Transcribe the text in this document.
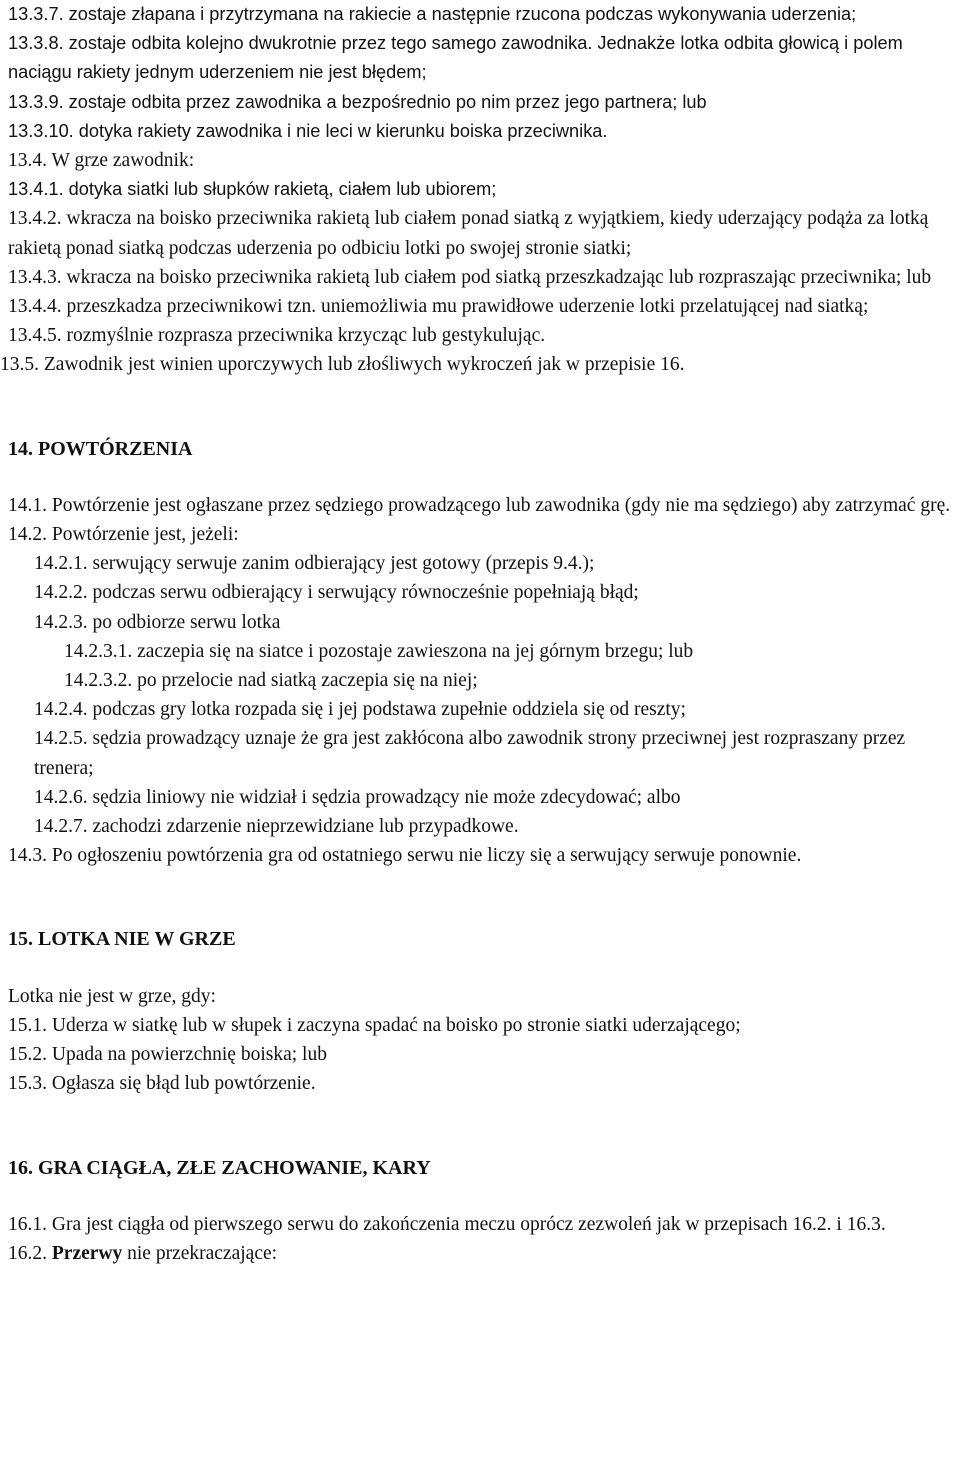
13.3.7. zostaje złapana i przytrzymana na rakiecie a następnie rzucona podczas wykonywania uderzenia;

13.3.8. zostaje odbita kolejno dwukrotnie przez tego samego zawodnika. Jednakże lotka odbita głowicą i polem naciągu rakiety jednym uderzeniem nie jest błędem;

13.3.9. zostaje odbita przez zawodnika a bezpośrednio po nim przez jego partnera; lub

13.3.10. dotyka rakiety zawodnika i nie leci w kierunku boiska przeciwnika.

13.4. W grze zawodnik:

13.4.1. dotyka siatki lub słupków rakietą, ciałem lub ubiorem;

13.4.2. wkracza na boisko przeciwnika rakietą lub ciałem ponad siatką z wyjątkiem, kiedy uderzający podąża za lotką rakietą ponad siatką podczas uderzenia po odbiciu lotki po swojej stronie siatki;

13.4.3. wkracza na boisko przeciwnika rakietą lub ciałem pod siatką przeszkadzając lub rozpraszając przeciwnika; lub

13.4.4. przeszkadza przeciwnikowi tzn. uniemożliwia mu prawidłowe uderzenie lotki przelatującej nad siatką;

13.4.5. rozmyślnie rozprasza przeciwnika krzycząc lub gestykulując.

13.5. Zawodnik jest winien uporczywych lub złośliwych wykroczeń jak w przepisie 16.

14. POWTÓRZENIA

14.1. Powtórzenie jest ogłaszane przez sędziego prowadzącego lub zawodnika (gdy nie ma sędziego) aby zatrzymać grę.

14.2. Powtórzenie jest, jeżeli:

14.2.1. serwujący serwuje zanim odbierający jest gotowy (przepis 9.4.);

14.2.2. podczas serwu odbierający i serwujący równocześnie popełniają błąd;

14.2.3. po odbiorze serwu lotka

14.2.3.1. zaczepia się na siatce i pozostaje zawieszona na jej górnym brzegu; lub

14.2.3.2. po przelocie nad siatką zaczepia się na niej;

14.2.4. podczas gry lotka rozpada się i jej podstawa zupełnie oddziela się od reszty;

14.2.5. sędzia prowadzący uznaje że gra jest zakłócona albo zawodnik strony przeciwnej jest rozpraszany przez trenera;

14.2.6. sędzia liniowy nie widział i sędzia prowadzący nie może zdecydować; albo

14.2.7. zachodzi zdarzenie nieprzewidziane lub przypadkowe.

14.3. Po ogłoszeniu powtórzenia gra od ostatniego serwu nie liczy się a serwujący serwuje ponownie.

15. LOTKA NIE W GRZE

Lotka nie jest w grze, gdy:

15.1. Uderza w siatkę lub w słupek i zaczyna spadać na boisko po stronie siatki uderzającego;

15.2. Upada na powierzchnię boiska; lub

15.3. Ogłasza się błąd lub powtórzenie.

16. GRA CIĄGŁA, ZŁE ZACHOWANIE, KARY

16.1. Gra jest ciągła od pierwszego serwu do zakończenia meczu oprócz zezwoleń jak w przepisach 16.2. i 16.3.

16.2. Przerwy nie przekraczające:
